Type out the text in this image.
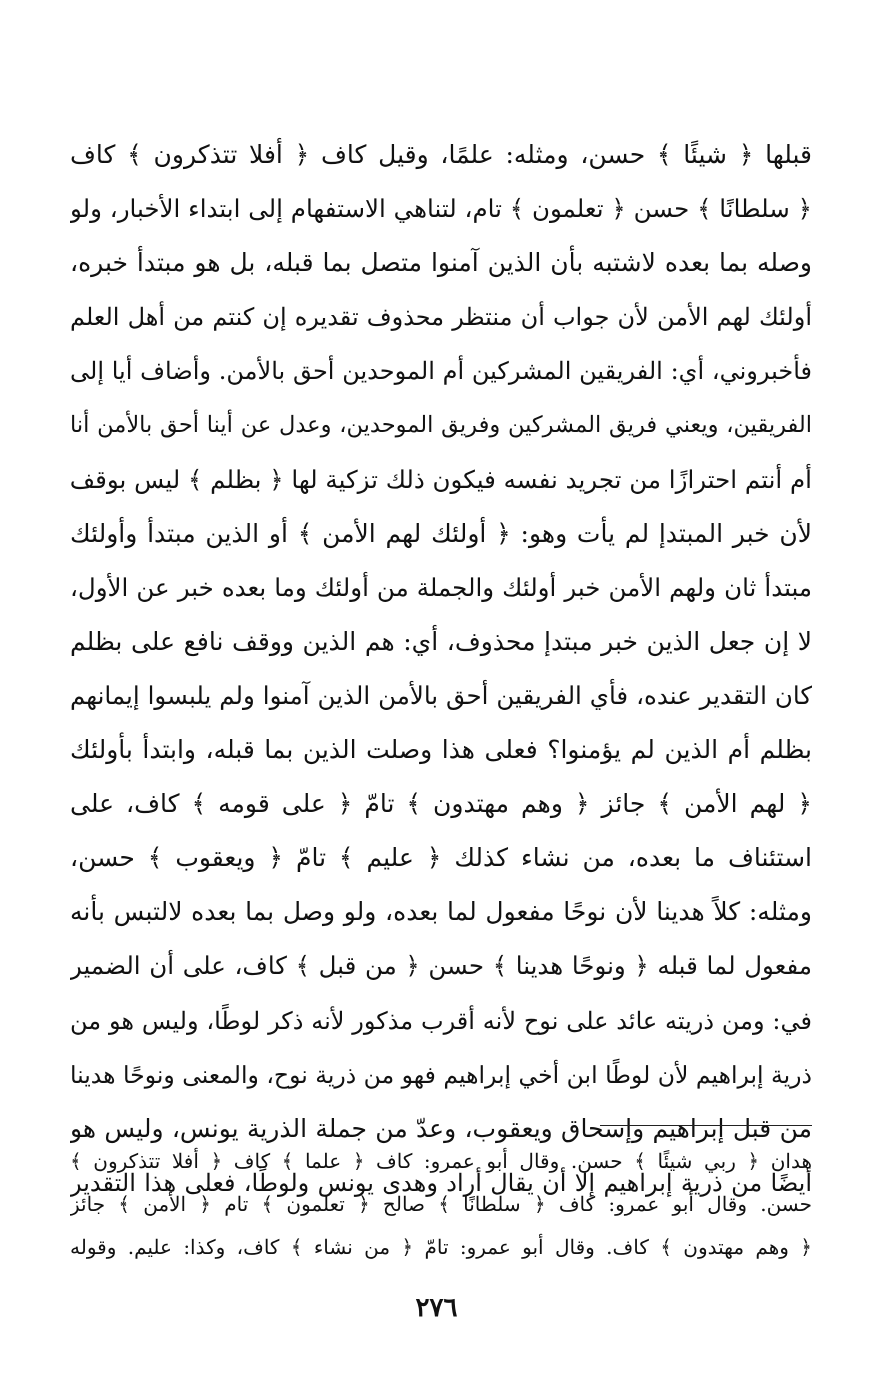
قبلها ﴿ شيئًا ﴾ حسن، ومثله: علمًا، وقيل كاف ﴿ أفلا تتذكرون ﴾ كاف
﴿ سلطانًا ﴾ حسن ﴿ تعلمون ﴾ تام، لتناهي الاستفهام إلى ابتداء الأخبار، ولو
وصله بما بعده لاشتبه بأن الذين آمنوا متصل بما قبله، بل هو مبتدأ خبره،
أولئك لهم الأمن لأن جواب أن منتظر محذوف تقديره إن كنتم من أهل العلم
فأخبروني، أي: الفريقين المشركين أم الموحدين أحق بالأمن. وأضاف أيا إلى
الفريقين، ويعني فريق المشركين وفريق الموحدين، وعدل عن أينا أحق بالأمن أنا
أم أنتم احترازًا من تجريد نفسه فيكون ذلك تزكية لها ﴿ بظلم ﴾ ليس بوقف
لأن خبر المبتدإ لم يأت وهو: ﴿ أولئك لهم الأمن ﴾ أو الذين مبتدأ وأولئك
مبتدأ ثان ولهم الأمن خبر أولئك والجملة من أولئك وما بعده خبر عن الأول،
لا إن جعل الذين خبر مبتدإ محذوف، أي: هم الذين ووقف نافع على بظلم
كان التقدير عنده، فأي الفريقين أحق بالأمن الذين آمنوا ولم يلبسوا إيمانهم
بظلم أم الذين لم يؤمنوا؟ فعلى هذا وصلت الذين بما قبله، وابتدأ بأولئك
﴿ لهم الأمن ﴾ جائز ﴿ وهم مهتدون ﴾ تامّ ﴿ على قومه ﴾ كاف، على
استئناف ما بعده، من نشاء كذلك ﴿ عليم ﴾ تامّ ﴿ ويعقوب ﴾ حسن،
ومثله: كلاً هدينا لأن نوحًا مفعول لما بعده، ولو وصل بما بعده لالتبس بأنه
مفعول لما قبله ﴿ ونوحًا هدينا ﴾ حسن ﴿ من قبل ﴾ كاف، على أن الضمير
في: ومن ذريته عائد على نوح لأنه أقرب مذكور لأنه ذكر لوطًا، وليس هو من
ذرية إبراهيم لأن لوطًا ابن أخي إبراهيم فهو من ذرية نوح، والمعنى ونوحًا هدينا
من قبل إبراهيم وإسحاق ويعقوب، وعدّ من جملة الذرية يونس، وليس هو
أيضًا من ذرية إبراهيم إلا أن يقال أراد وهدى يونس ولوطًا، فعلى هذا التقدير
هدان ﴿ ربي شيئًا ﴾ حسن. وقال أبو عمرو: كاف ﴿ علما ﴾ كاف ﴿ أفلا تتذكرون ﴾
حسن. وقال أبو عمرو: كاف ﴿ سلطانًا ﴾ صالح ﴿ تعلمون ﴾ تام ﴿ الأمن ﴾ جائز
﴿ وهم مهتدون ﴾ كاف. وقال أبو عمرو: تامّ ﴿ من نشاء ﴾ كاف، وكذا: عليم. وقوله
٢٧٦
